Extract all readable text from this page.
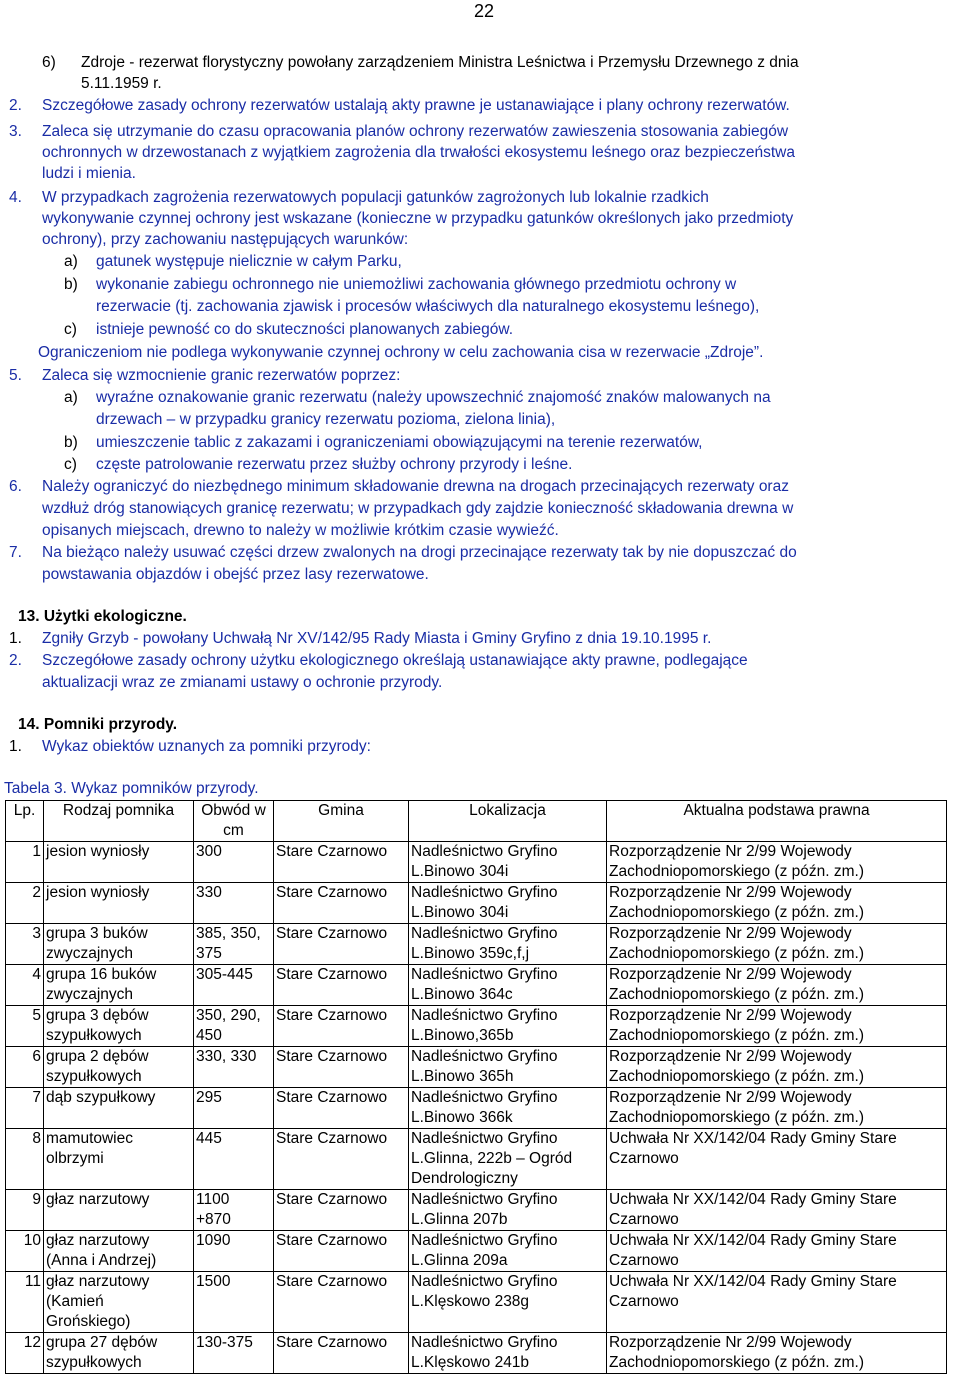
22
6) Zdroje - rezerwat florystyczny powołany zarządzeniem Ministra Leśnictwa i Przemysłu Drzewnego z dnia
5.11.1959 r.
2. Szczegółowe zasady ochrony rezerwatów ustalają akty prawne je ustanawiające i plany ochrony rezerwatów.
3. Zaleca się utrzymanie do czasu opracowania planów ochrony rezerwatów zawieszenia stosowania zabiegów
ochronnych w drzewostanach z wyjątkiem zagrożenia dla trwałości ekosystemu leśnego oraz bezpieczeństwa
ludzi i mienia.
4. W przypadkach zagrożenia rezerwatowych populacji gatunków zagrożonych lub lokalnie rzadkich
wykonywanie czynnej ochrony jest wskazane (konieczne w przypadku gatunków określonych jako przedmioty
ochrony), przy zachowaniu następujących warunków:
a) gatunek występuje nielicznie w całym Parku,
b) wykonanie zabiegu ochronnego nie uniemożliwi zachowania głównego przedmiotu ochrony w
rezerwacie (tj. zachowania zjawisk i procesów właściwych dla naturalnego ekosystemu leśnego),
c) istnieje pewność co do skuteczności planowanych zabiegów.
Ograniczeniom nie podlega wykonywanie czynnej ochrony w celu zachowania cisa w rezerwacie „Zdroje”.
5. Zaleca się wzmocnienie granic rezerwatów poprzez:
a) wyraźne oznakowanie granic rezerwatu (należy upowszechnić znajomość znaków malowanych na
drzewach – w przypadku granicy rezerwatu pozioma, zielona linia),
b) umieszczenie tablic z zakazami i ograniczeniami obowiązującymi na terenie rezerwatów,
c) częste patrolowanie rezerwatu przez służby ochrony przyrody i leśne.
6. Należy ograniczyć do niezbędnego minimum składowanie drewna na drogach przecinających rezerwaty oraz
wzdłuż dróg stanowiących granicę rezerwatu; w przypadkach gdy zajdzie konieczność składowania drewna w
opisanych miejscach, drewno to należy w możliwie krótkim czasie wywieźć.
7. Na bieżąco należy usuwać części drzew zwalonych na drogi przecinające rezerwaty tak by nie dopuszczać do
powstawania objazdów i obejść przez lasy rezerwatowe.
13. Użytki ekologiczne.
1. Zgniły Grzyb - powołany Uchwałą Nr XV/142/95 Rady Miasta i Gminy Gryfino z dnia 19.10.1995 r.
2. Szczegółowe zasady ochrony użytku ekologicznego określają ustanawiające akty prawne, podlegające
aktualizacji wraz ze zmianami ustawy o ochronie przyrody.
14. Pomniki przyrody.
1. Wykaz obiektów uznanych za pomniki przyrody:
Tabela 3. Wykaz pomników przyrody.
Lp.	Rodzaj pomnika	Obwód w
cm	Gmina	Lokalizacja	Aktualna podstawa prawna
1	jesion wyniosły	300	Stare Czarnowo	Nadleśnictwo Gryfino
L.Binowo 304i	Rozporządzenie Nr 2/99 Wojewody
Zachodniopomorskiego (z późn. zm.)
2	jesion wyniosły	330	Stare Czarnowo	Nadleśnictwo Gryfino
L.Binowo 304i	Rozporządzenie Nr 2/99 Wojewody
Zachodniopomorskiego (z późn. zm.)
3	grupa 3 buków
zwyczajnych	385, 350,
375	Stare Czarnowo	Nadleśnictwo Gryfino
L.Binowo 359c,f,j	Rozporządzenie Nr 2/99 Wojewody
Zachodniopomorskiego (z późn. zm.)
4	grupa 16 buków
zwyczajnych	305-445	Stare Czarnowo	Nadleśnictwo Gryfino
L.Binowo 364c	Rozporządzenie Nr 2/99 Wojewody
Zachodniopomorskiego (z późn. zm.)
5	grupa 3 dębów
szypułkowych	350, 290,
450	Stare Czarnowo	Nadleśnictwo Gryfino
L.Binowo,365b	Rozporządzenie Nr 2/99 Wojewody
Zachodniopomorskiego (z późn. zm.)
6	grupa 2 dębów
szypułkowych	330, 330	Stare Czarnowo	Nadleśnictwo Gryfino
L.Binowo 365h	Rozporządzenie Nr 2/99 Wojewody
Zachodniopomorskiego (z późn. zm.)
7	dąb szypułkowy	295	Stare Czarnowo	Nadleśnictwo Gryfino
L.Binowo 366k	Rozporządzenie Nr 2/99 Wojewody
Zachodniopomorskiego (z późn. zm.)
8	mamutowiec
olbrzymi	445	Stare Czarnowo	Nadleśnictwo Gryfino
L.Glinna, 222b – Ogród
Dendrologiczny	Uchwała Nr XX/142/04 Rady Gminy Stare
Czarnowo
9	głaz narzutowy	1100
+870	Stare Czarnowo	Nadleśnictwo Gryfino
L.Glinna 207b	Uchwała Nr XX/142/04 Rady Gminy Stare
Czarnowo
10	głaz narzutowy
(Anna i Andrzej)	1090	Stare Czarnowo	Nadleśnictwo Gryfino
L.Glinna 209a	Uchwała Nr XX/142/04 Rady Gminy Stare
Czarnowo
11	głaz narzutowy
(Kamień
Grońskiego)	1500	Stare Czarnowo	Nadleśnictwo Gryfino
L.Klęskowo 238g	Uchwała Nr XX/142/04 Rady Gminy Stare
Czarnowo
12	grupa 27 dębów
szypułkowych	130-375	Stare Czarnowo	Nadleśnictwo Gryfino
L.Klęskowo 241b	Rozporządzenie Nr 2/99 Wojewody
Zachodniopomorskiego (z późn. zm.)
